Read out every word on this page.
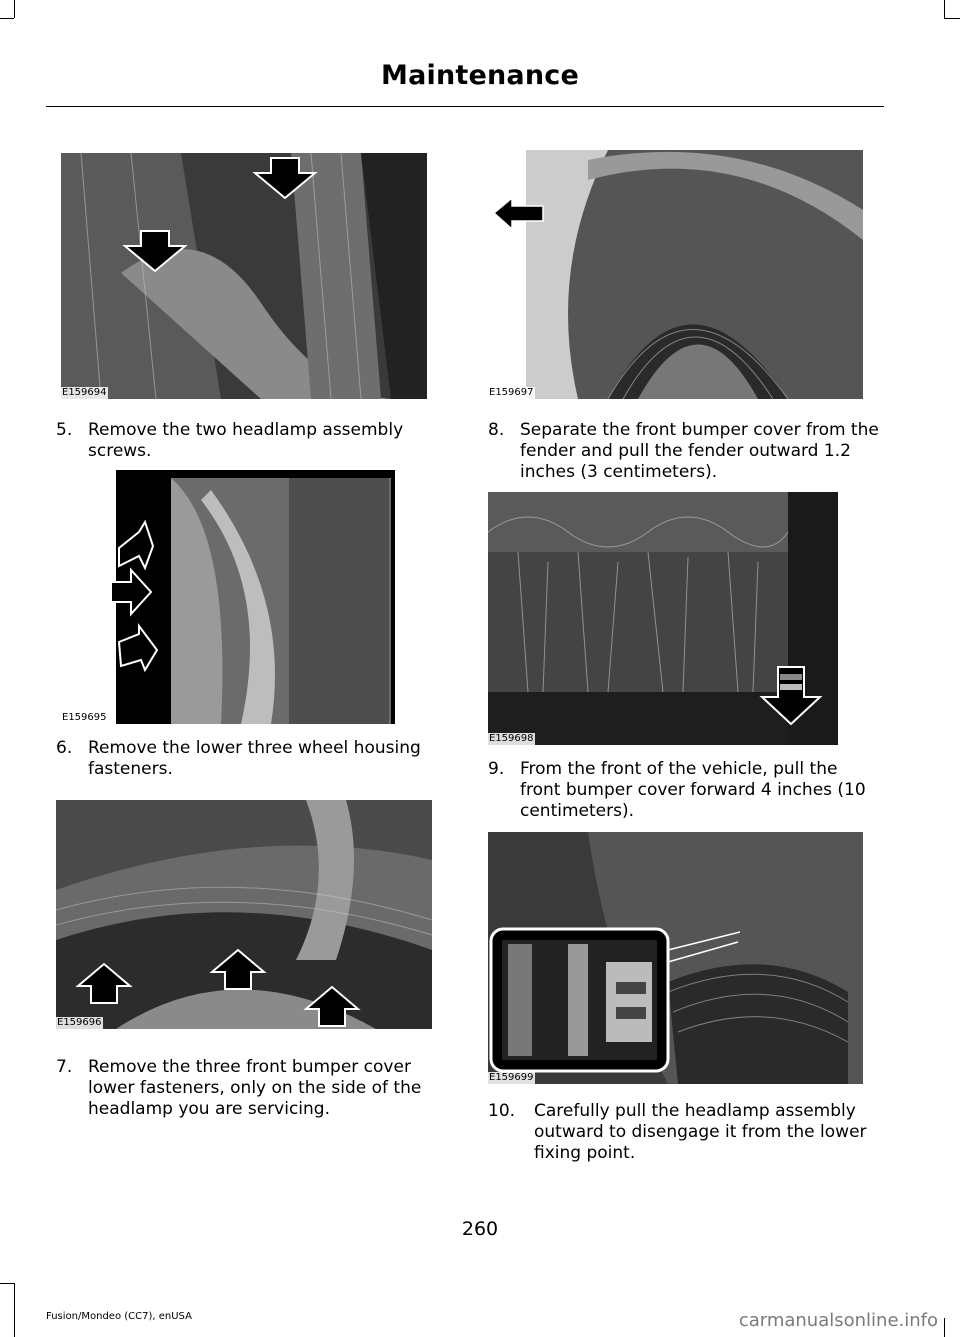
Maintenance
E159694	E159697
5. Remove the two headlamp assembly screws.
8. Separate the front bumper cover from the fender and pull the fender outward 1.2 inches (3 centimeters).
E159695
E159698
6. Remove the lower three wheel housing fasteners.	9. From the front of the vehicle, pull the front bumper cover forward 4 inches (10 centimeters).
E159696
E159699
7. Remove the three front bumper cover lower fasteners, only on the side of the headlamp you are servicing.	10.	Carefully pull the headlamp assembly outward to disengage it from the lower fixing point.
260
Fusion/Mondeo (CC7), enUSA	carmanualsonline.info
